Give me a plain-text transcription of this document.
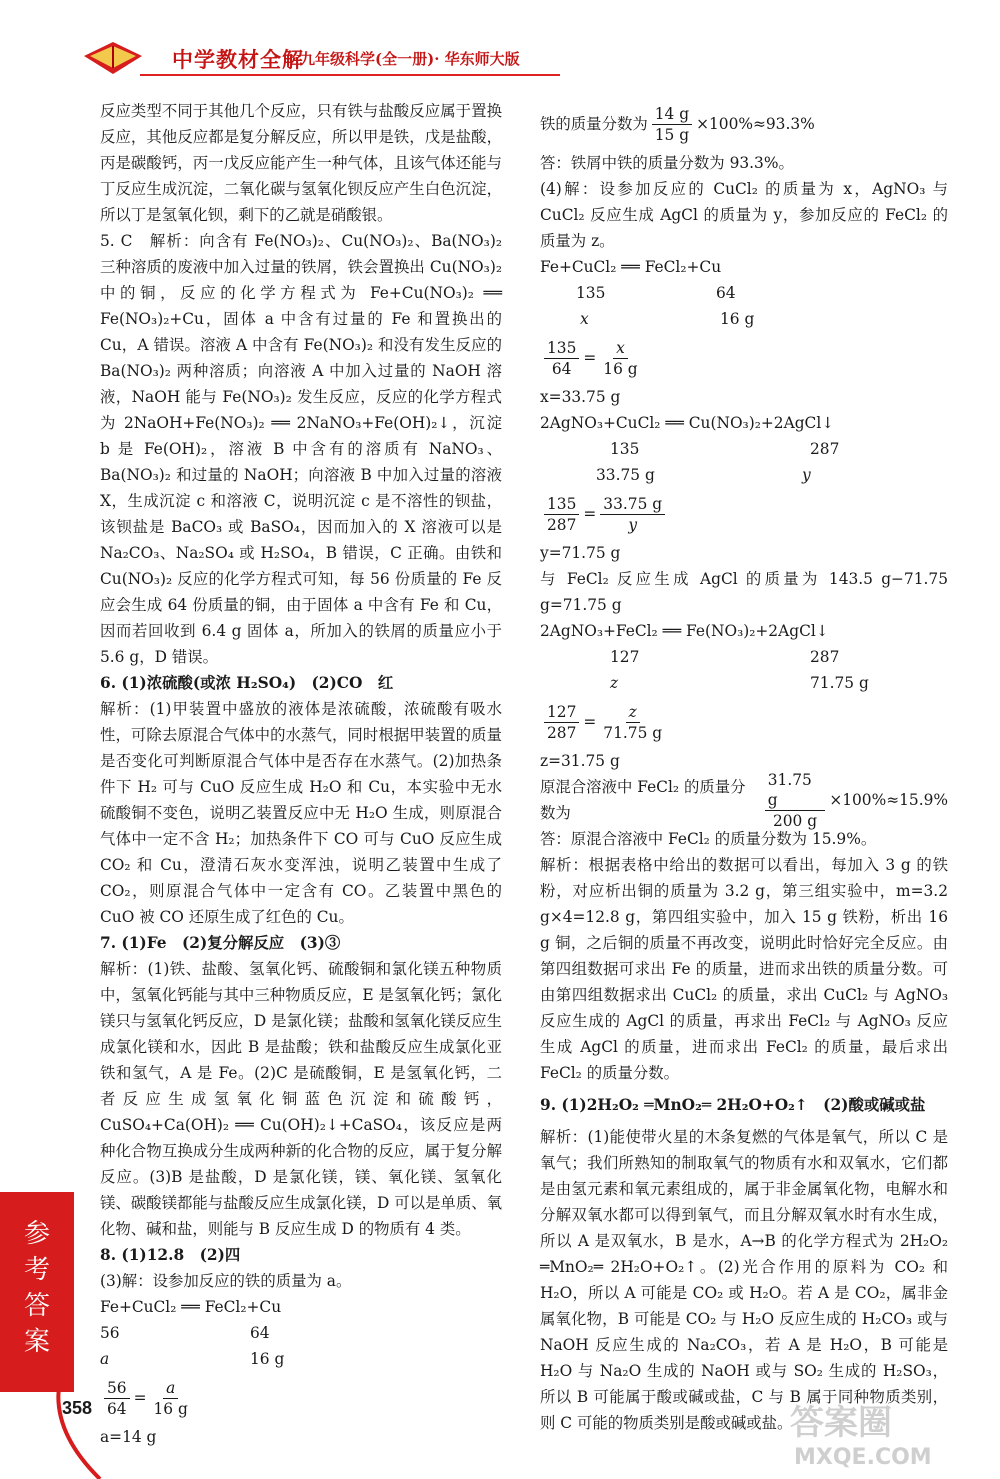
中学教材全解
九年级科学(全一册)· 华东师大版

反应类型不同于其他几个反应，只有铁与盐酸反应属于置换反应，其他反应都是复分解反应，所以甲是铁，戊是盐酸，丙是碳酸钙，丙一戊反应能产生一种气体，且该气体还能与丁反应生成沉淀，二氧化碳与氢氧化钡反应产生白色沉淀，所以丁是氢氧化钡，剩下的乙就是硝酸银。

5. C　解析：向含有 Fe(NO₃)₂、Cu(NO₃)₂、Ba(NO₃)₂ 三种溶质的废液中加入过量的铁屑，铁会置换出 Cu(NO₃)₂ 中的铜，反应的化学方程式为 Fe+Cu(NO₃)₂ ══ Fe(NO₃)₂+Cu，固体 a 中含有过量的 Fe 和置换出的 Cu，A 错误。溶液 A 中含有 Fe(NO₃)₂ 和没有发生反应的 Ba(NO₃)₂ 两种溶质；向溶液 A 中加入过量的 NaOH 溶液，NaOH 能与 Fe(NO₃)₂ 发生反应，反应的化学方程式为 2NaOH+Fe(NO₃)₂ ══ 2NaNO₃+Fe(OH)₂↓，沉淀 b 是 Fe(OH)₂，溶液 B 中含有的溶质有 NaNO₃、Ba(NO₃)₂ 和过量的 NaOH；向溶液 B 中加入过量的溶液 X，生成沉淀 c 和溶液 C，说明沉淀 c 是不溶性的钡盐，该钡盐是 BaCO₃ 或 BaSO₄，因而加入的 X 溶液可以是 Na₂CO₃、Na₂SO₄ 或 H₂SO₄，B 错误，C 正确。由铁和 Cu(NO₃)₂ 反应的化学方程式可知，每 56 份质量的 Fe 反应会生成 64 份质量的铜，由于固体 a 中含有 Fe 和 Cu，因而若回收到 6.4 g 固体 a，所加入的铁屑的质量应小于 5.6 g，D 错误。

6. (1)浓硫酸(或浓 H₂SO₄)　(2)CO　红

解析：(1)甲装置中盛放的液体是浓硫酸，浓硫酸有吸水性，可除去原混合气体中的水蒸气，同时根据甲装置的质量是否变化可判断原混合气体中是否存在水蒸气。(2)加热条件下 H₂ 可与 CuO 反应生成 H₂O 和 Cu，本实验中无水硫酸铜不变色，说明乙装置反应中无 H₂O 生成，则原混合气体中一定不含 H₂；加热条件下 CO 可与 CuO 反应生成 CO₂ 和 Cu，澄清石灰水变浑浊，说明乙装置中生成了 CO₂，则原混合气体中一定含有 CO。乙装置中黑色的 CuO 被 CO 还原生成了红色的 Cu。

7. (1)Fe　(2)复分解反应　(3)③

解析：(1)铁、盐酸、氢氧化钙、硫酸铜和氯化镁五种物质中，氢氧化钙能与其中三种物质反应，E 是氢氧化钙；氯化镁只与氢氧化钙反应，D 是氯化镁；盐酸和氢氧化镁反应生成氯化镁和水，因此 B 是盐酸；铁和盐酸反应生成氯化亚铁和氢气，A 是 Fe。(2)C 是硫酸铜，E 是氢氧化钙，二者反应生成氢氧化铜蓝色沉淀和硫酸钙，CuSO₄+Ca(OH)₂ ══ Cu(OH)₂↓+CaSO₄，该反应是两种化合物互换成分生成两种新的化合物的反应，属于复分解反应。(3)B 是盐酸，D 是氯化镁，镁、氧化镁、氢氧化镁、碳酸镁都能与盐酸反应生成氯化镁，D 可以是单质、氧化物、碱和盐，则能与 B 反应生成 D 的物质有 4 类。

8. (1)12.8　(2)四

(3)解：设参加反应的铁的质量为 a。

Fe+CuCl₂ ══ FeCl₂+Cu
56	64
a	16 g
$\frac{56}{64} = \frac{a}{16 g}$
a=14 g
铁的质量分数为 $\frac{14 g}{15 g} \times 100\%\approx 93.3\%$

答：铁屑中铁的质量分数为 93.3%。

(4)解：设参加反应的 CuCl₂ 的质量为 x，AgNO₃ 与 CuCl₂ 反应生成 AgCl 的质量为 y，参加反应的 FeCl₂ 的质量为 z。

Fe+CuCl₂ ══ FeCl₂+Cu
135	64
x	16 g
$\frac{135}{64} = \frac{x}{16 g}$
x=33.75 g
2AgNO₃+CuCl₂ ══ Cu(NO₃)₂+2AgCl↓
135	287
33.75 g	y
$\frac{135}{287} = \frac{33.75 g}{y}$
y=71.75 g

与 FeCl₂ 反应生成 AgCl 的质量为 143.5 g−71.75 g=71.75 g

2AgNO₃+FeCl₂ ══ Fe(NO₃)₂+2AgCl↓
127	287
z	71.75 g
$\frac{127}{287} = \frac{z}{71.75 g}$
z=31.75 g
原混合溶液中 FeCl₂ 的质量分数为	$\frac{31.75 g}{200 g} \times 100\%\approx 15.9\%$

答：原混合溶液中 FeCl₂ 的质量分数为 15.9%。

解析：根据表格中给出的数据可以看出，每加入 3 g 的铁粉，对应析出铜的质量为 3.2 g，第三组实验中，m=3.2 g×4=12.8 g，第四组实验中，加入 15 g 铁粉，析出 16 g 铜，之后铜的质量不再改变，说明此时恰好完全反应。由第四组数据可求出 Fe 的质量，进而求出铁的质量分数。可由第四组数据求出 CuCl₂ 的质量，求出 CuCl₂ 与 AgNO₃ 反应生成的 AgCl 的质量，再求出 FeCl₂ 与 AgNO₃ 反应生成 AgCl 的质量，进而求出 FeCl₂ 的质量，最后求出 FeCl₂ 的质量分数。

9. (1)2H₂O₂ ═MnO₂═ 2H₂O+O₂↑　(2)酸或碱或盐

解析：(1)能使带火星的木条复燃的气体是氧气，所以 C 是氧气；我们所熟知的制取氧气的物质有水和双氧水，它们都是由氢元素和氧元素组成的，属于非金属氧化物，电解水和分解双氧水都可以得到氧气，而且分解双氧水时有水生成，所以 A 是双氧水，B 是水，A→B 的化学方程式为 2H₂O₂ ═MnO₂═ 2H₂O+O₂↑。(2)光合作用的原料为 CO₂ 和 H₂O，所以 A 可能是 CO₂ 或 H₂O。若 A 是 CO₂，属非金属氧化物，B 可能是 CO₂ 与 H₂O 反应生成的 H₂CO₃ 或与 NaOH 反应生成的 Na₂CO₃，若 A 是 H₂O，B 可能是 H₂O 与 Na₂O 生成的 NaOH 或与 SO₂ 生成的 H₂SO₃，所以 B 可能属于酸或碱或盐，C 与 B 属于同种物质类别，则 C 可能的物质类别是酸或碱或盐。

参考答案
358	答案圈
MXQE.COM
